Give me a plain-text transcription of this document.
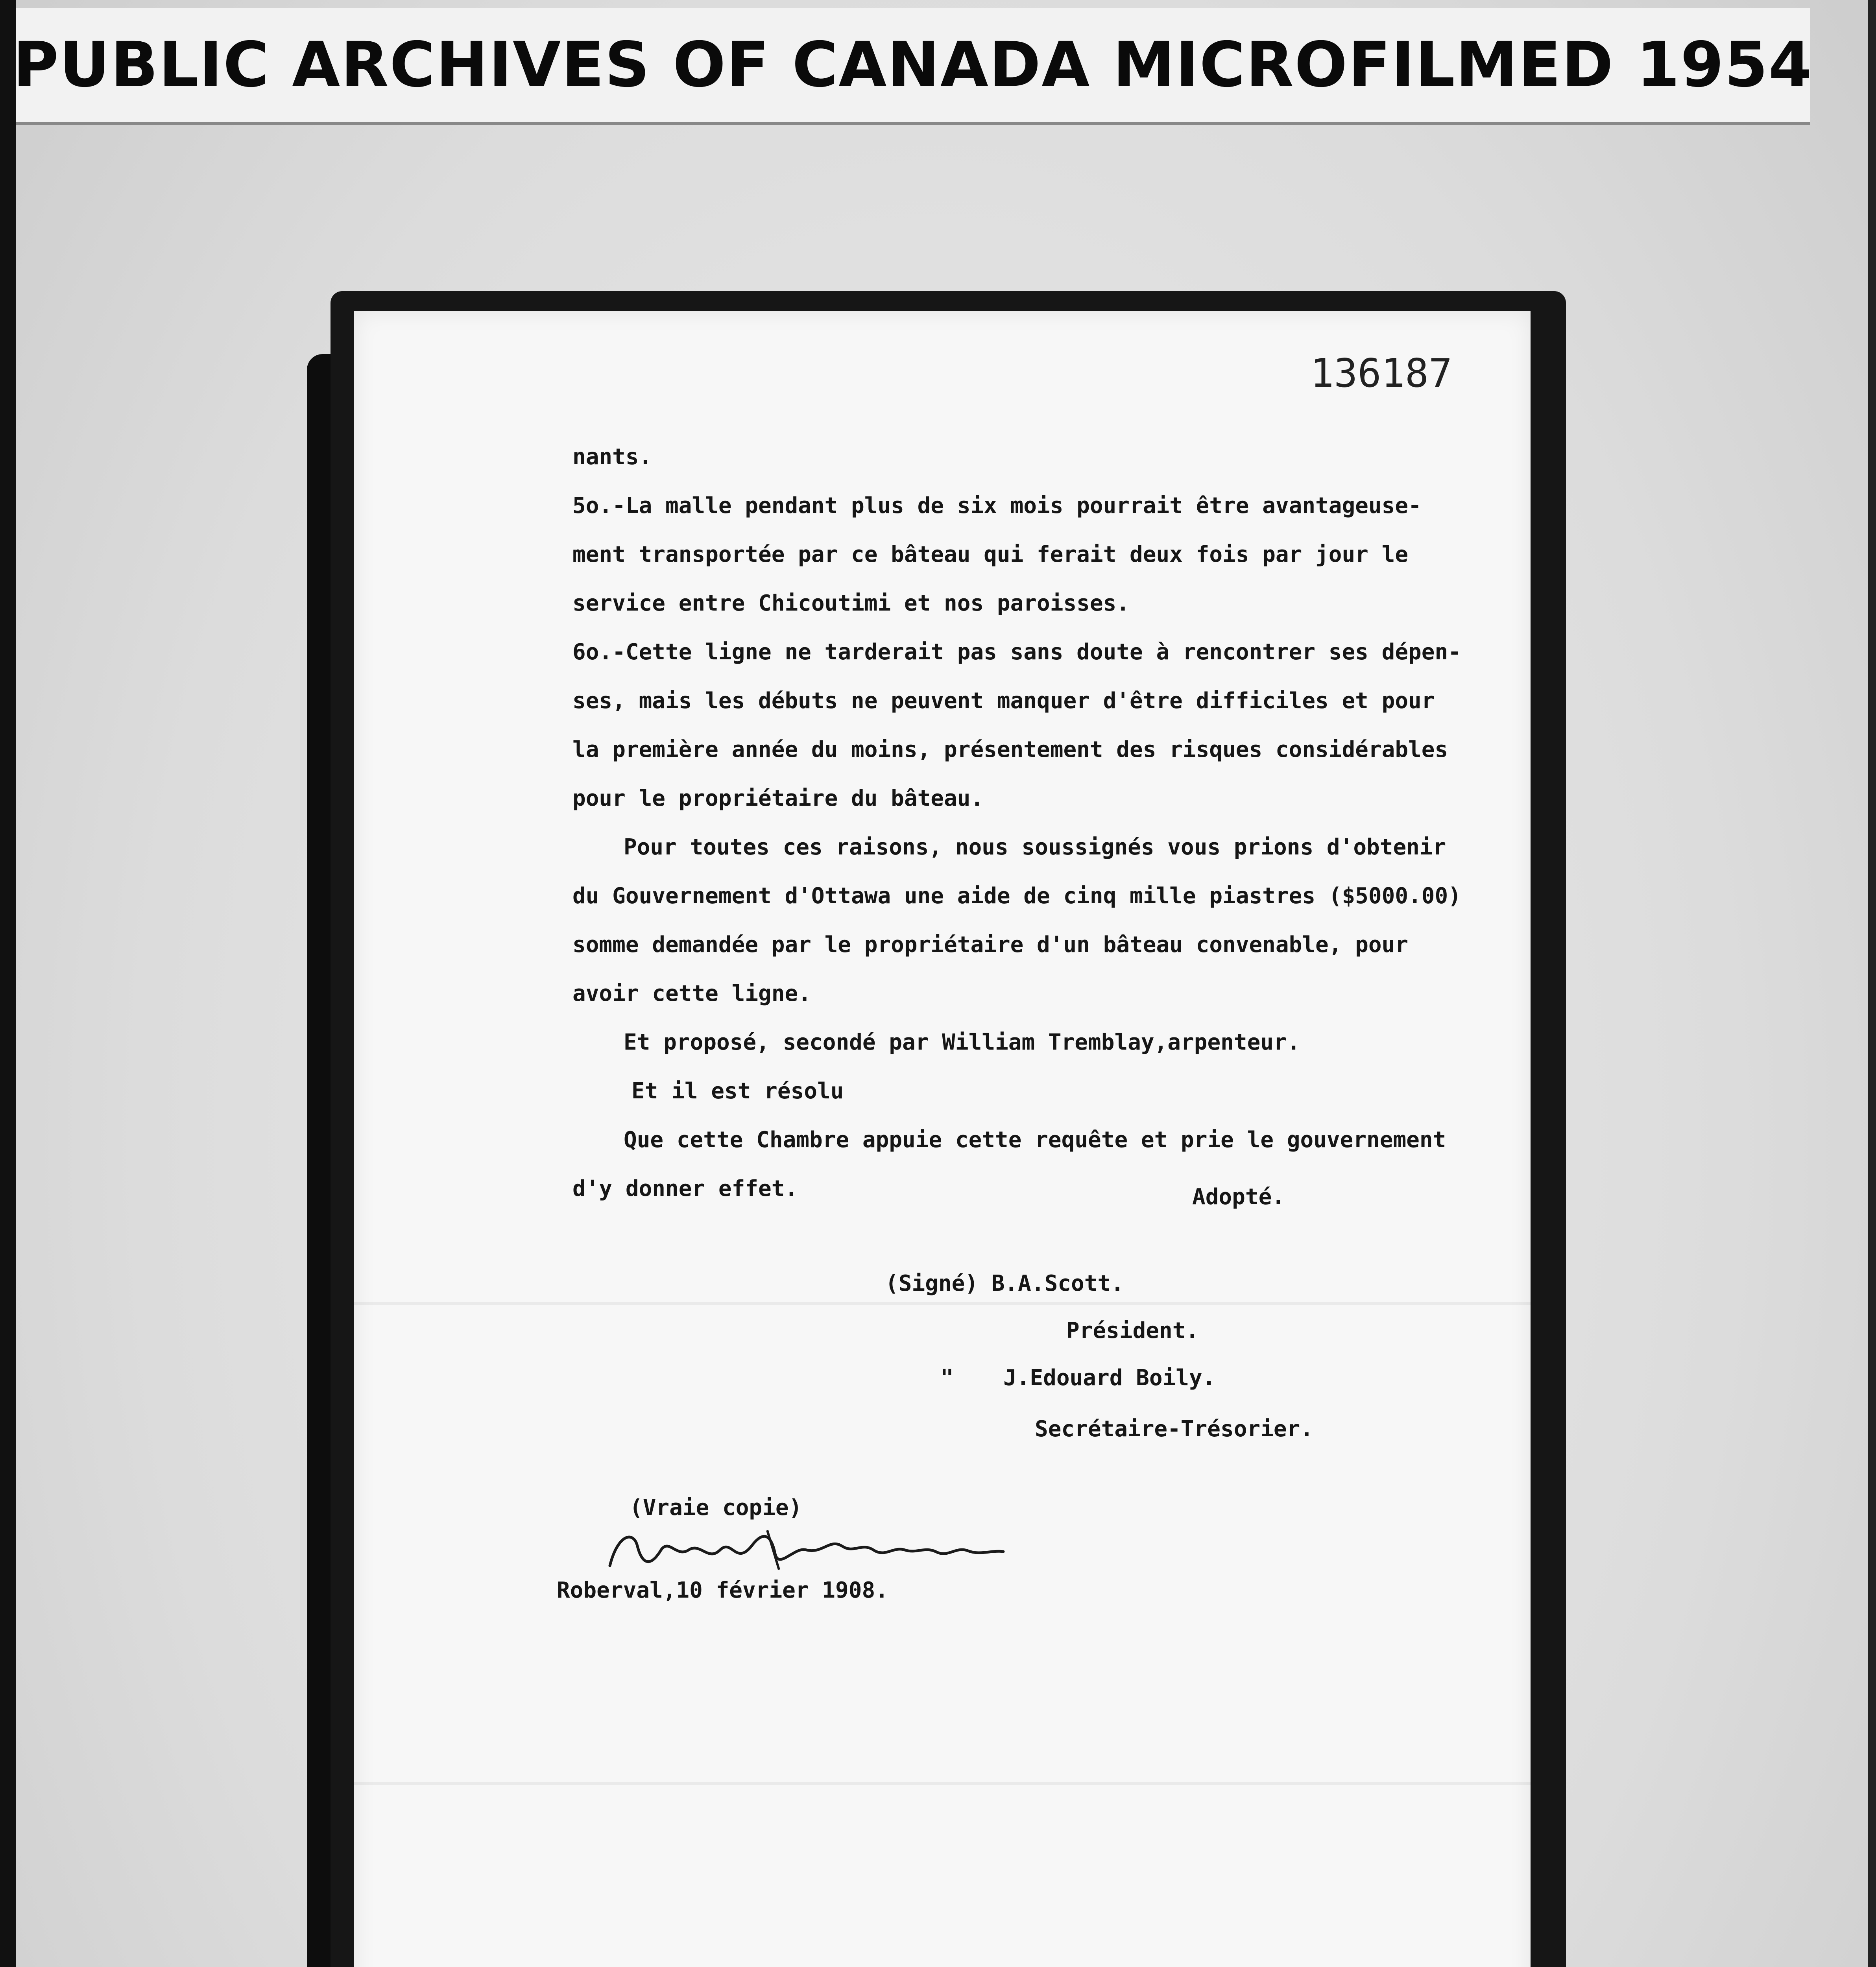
PUBLIC ARCHIVES OF CANADA MICROFILMED 1954
136187

nants.

5o.-La malle pendant plus de six mois pourrait être avantageuse-

ment transportée par ce bâteau qui ferait deux fois par jour le

service entre Chicoutimi et nos paroisses.

6o.-Cette ligne ne tarderait pas sans doute à rencontrer ses dépen-

ses, mais les débuts ne peuvent manquer d'être difficiles et pour

la première année du moins, présentement des risques considérables

pour le propriétaire du bâteau.

Pour toutes ces raisons, nous soussignés vous prions d'obtenir

du Gouvernement d'Ottawa une aide de cinq mille piastres ($5000.00)

somme demandée par le propriétaire d'un bâteau convenable, pour

avoir cette ligne.

Et proposé, secondé par William Tremblay,arpenteur.

Et il est résolu

Que cette Chambre appuie cette requête et prie le gouvernement

d'y donner effet.	Adopté.
(Signé) B.A.Scott.
Président.
" J.Edouard Boily.
Secrétaire-Trésorier.
(Vraie copie)
Roberval,10 février 1908.
